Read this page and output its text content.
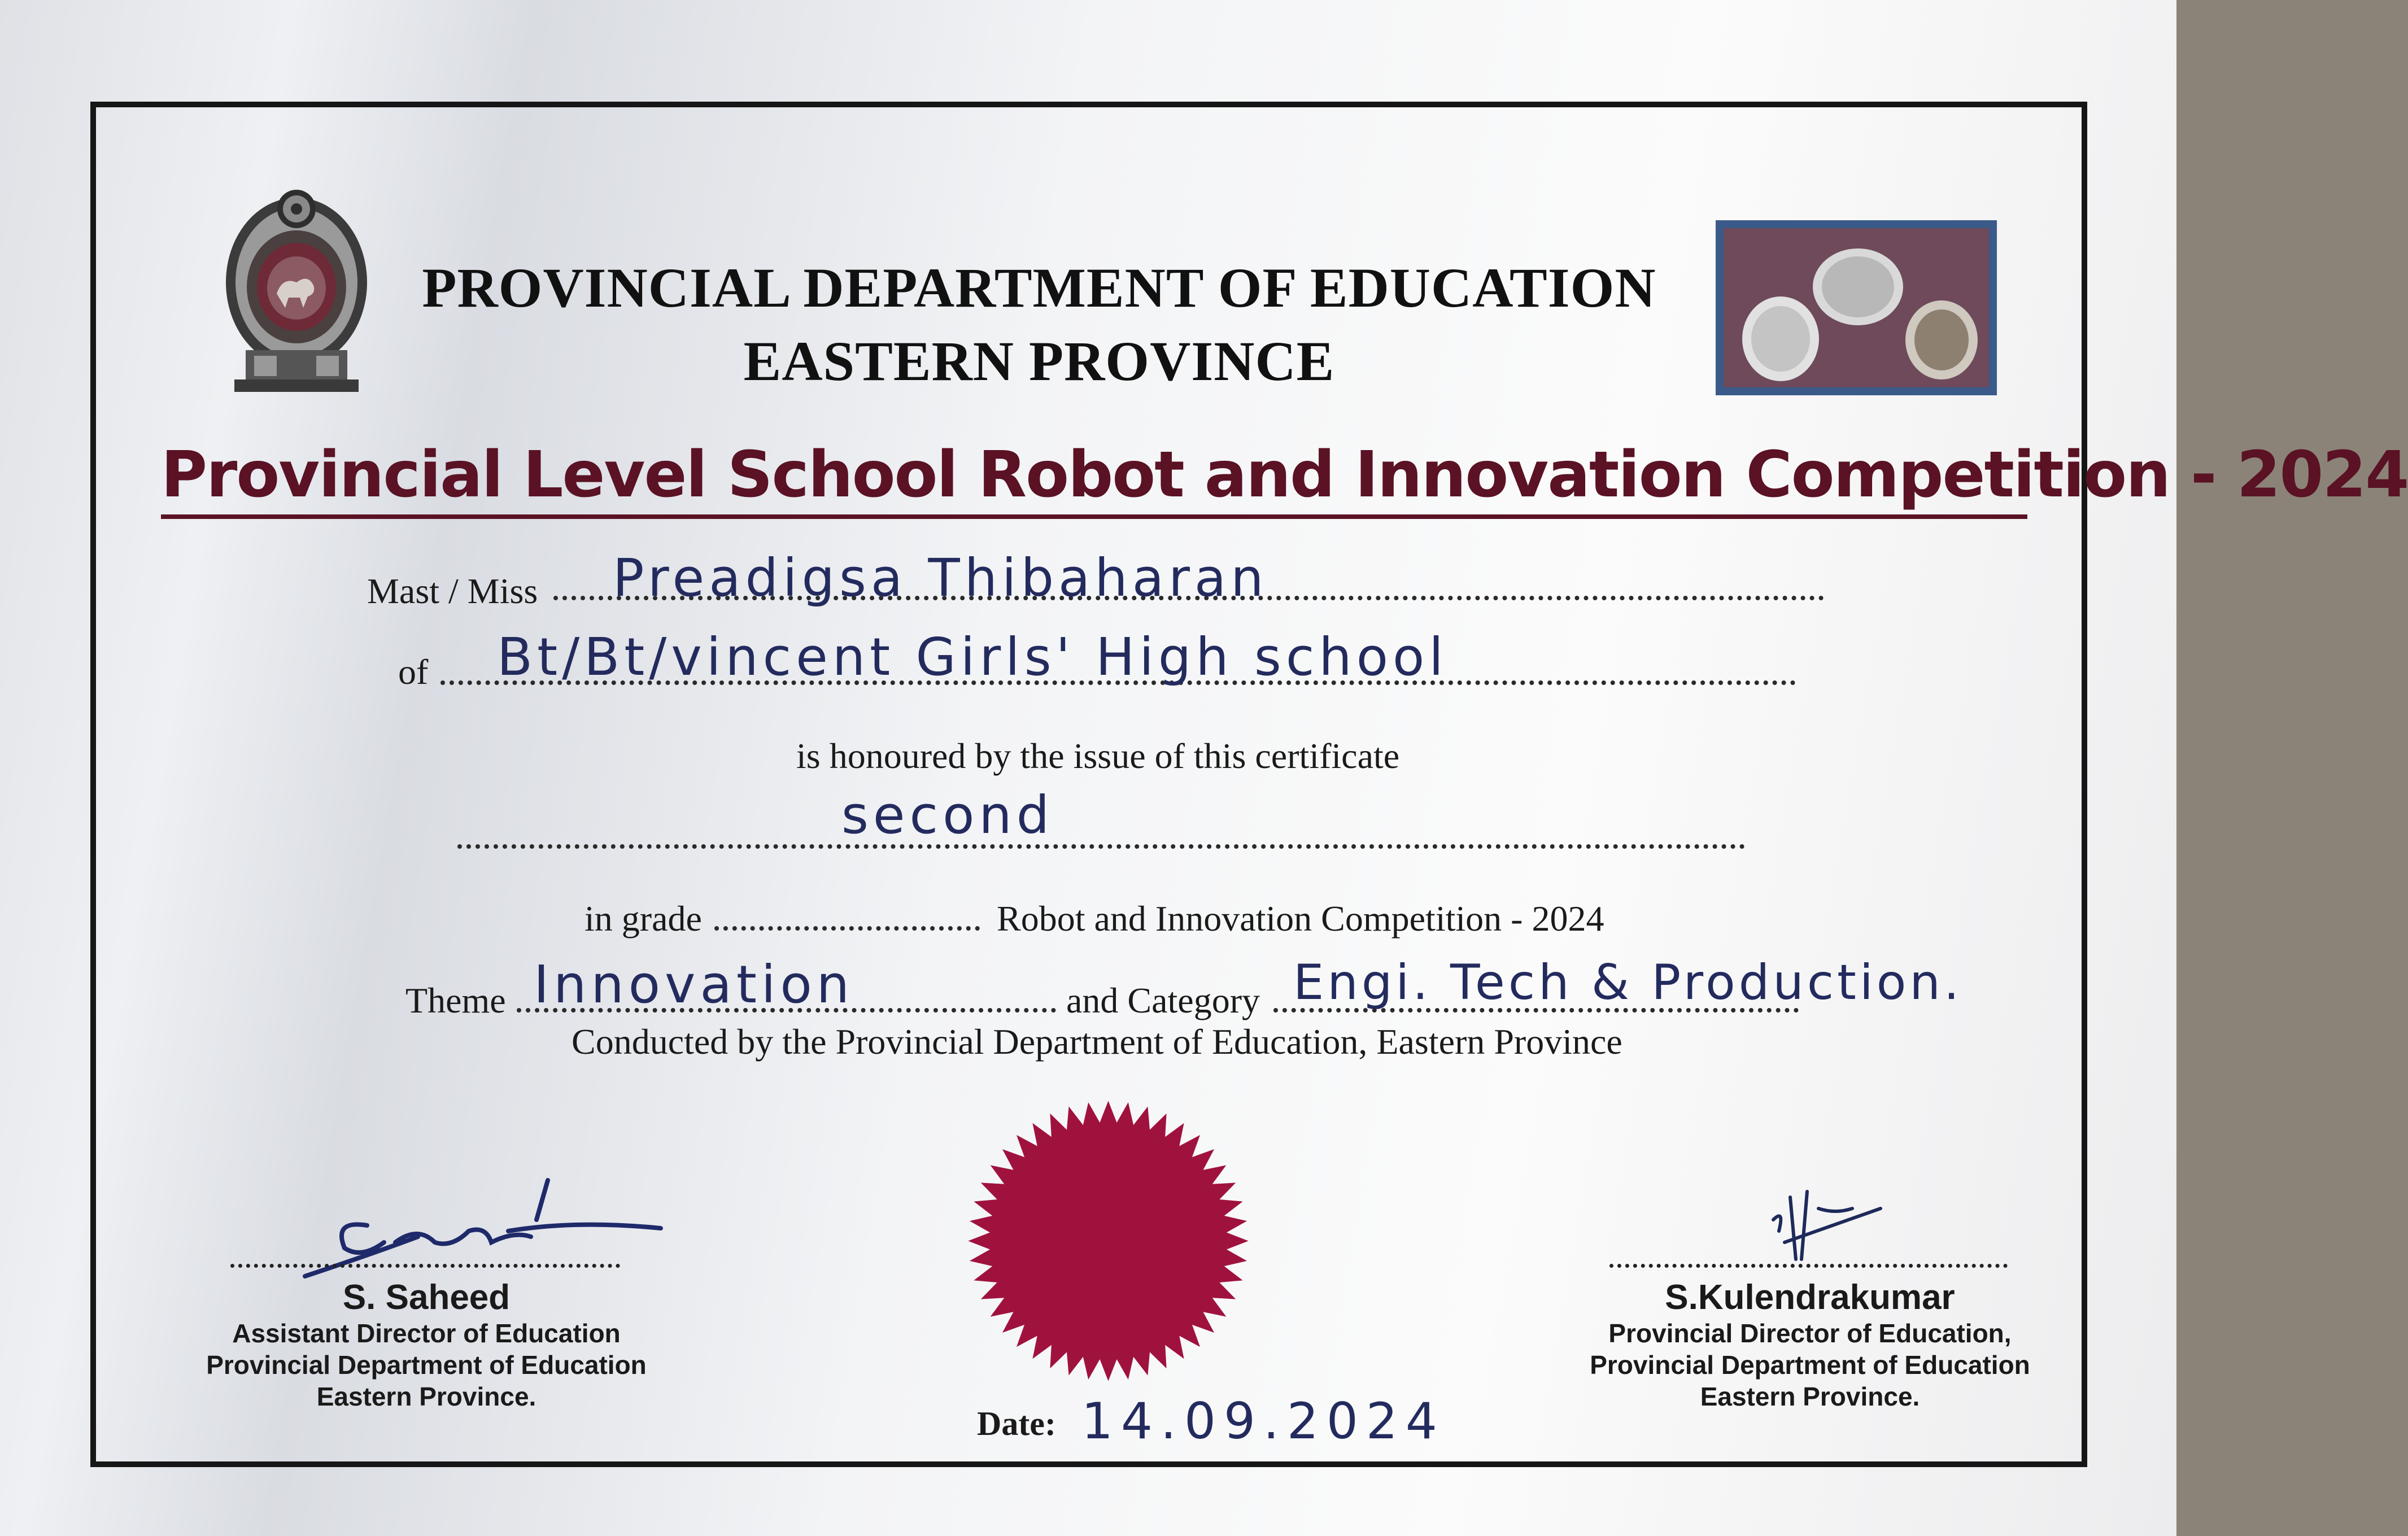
PROVINCIAL DEPARTMENT OF EDUCATION
EASTERN PROVINCE
Provincial Level School Robot and Innovation Competition - 2024
Mast / Miss Preadigsa Thibaharan
of Bt/Bt/vincent Girls' High school
is honoured by the issue of this certificate
second
in grade	Robot and Innovation Competition - 2024
Theme Innovation	and Category Engi. Tech & Production.
Conducted by the Provincial Department of Education, Eastern Province
S. Saheed
Assistant Director of Education
Provincial Department of Education
Eastern Province.
Date: 14.09.2024
S.Kulendrakumar
Provincial Director of Education,
Provincial Department of Education
Eastern Province.
